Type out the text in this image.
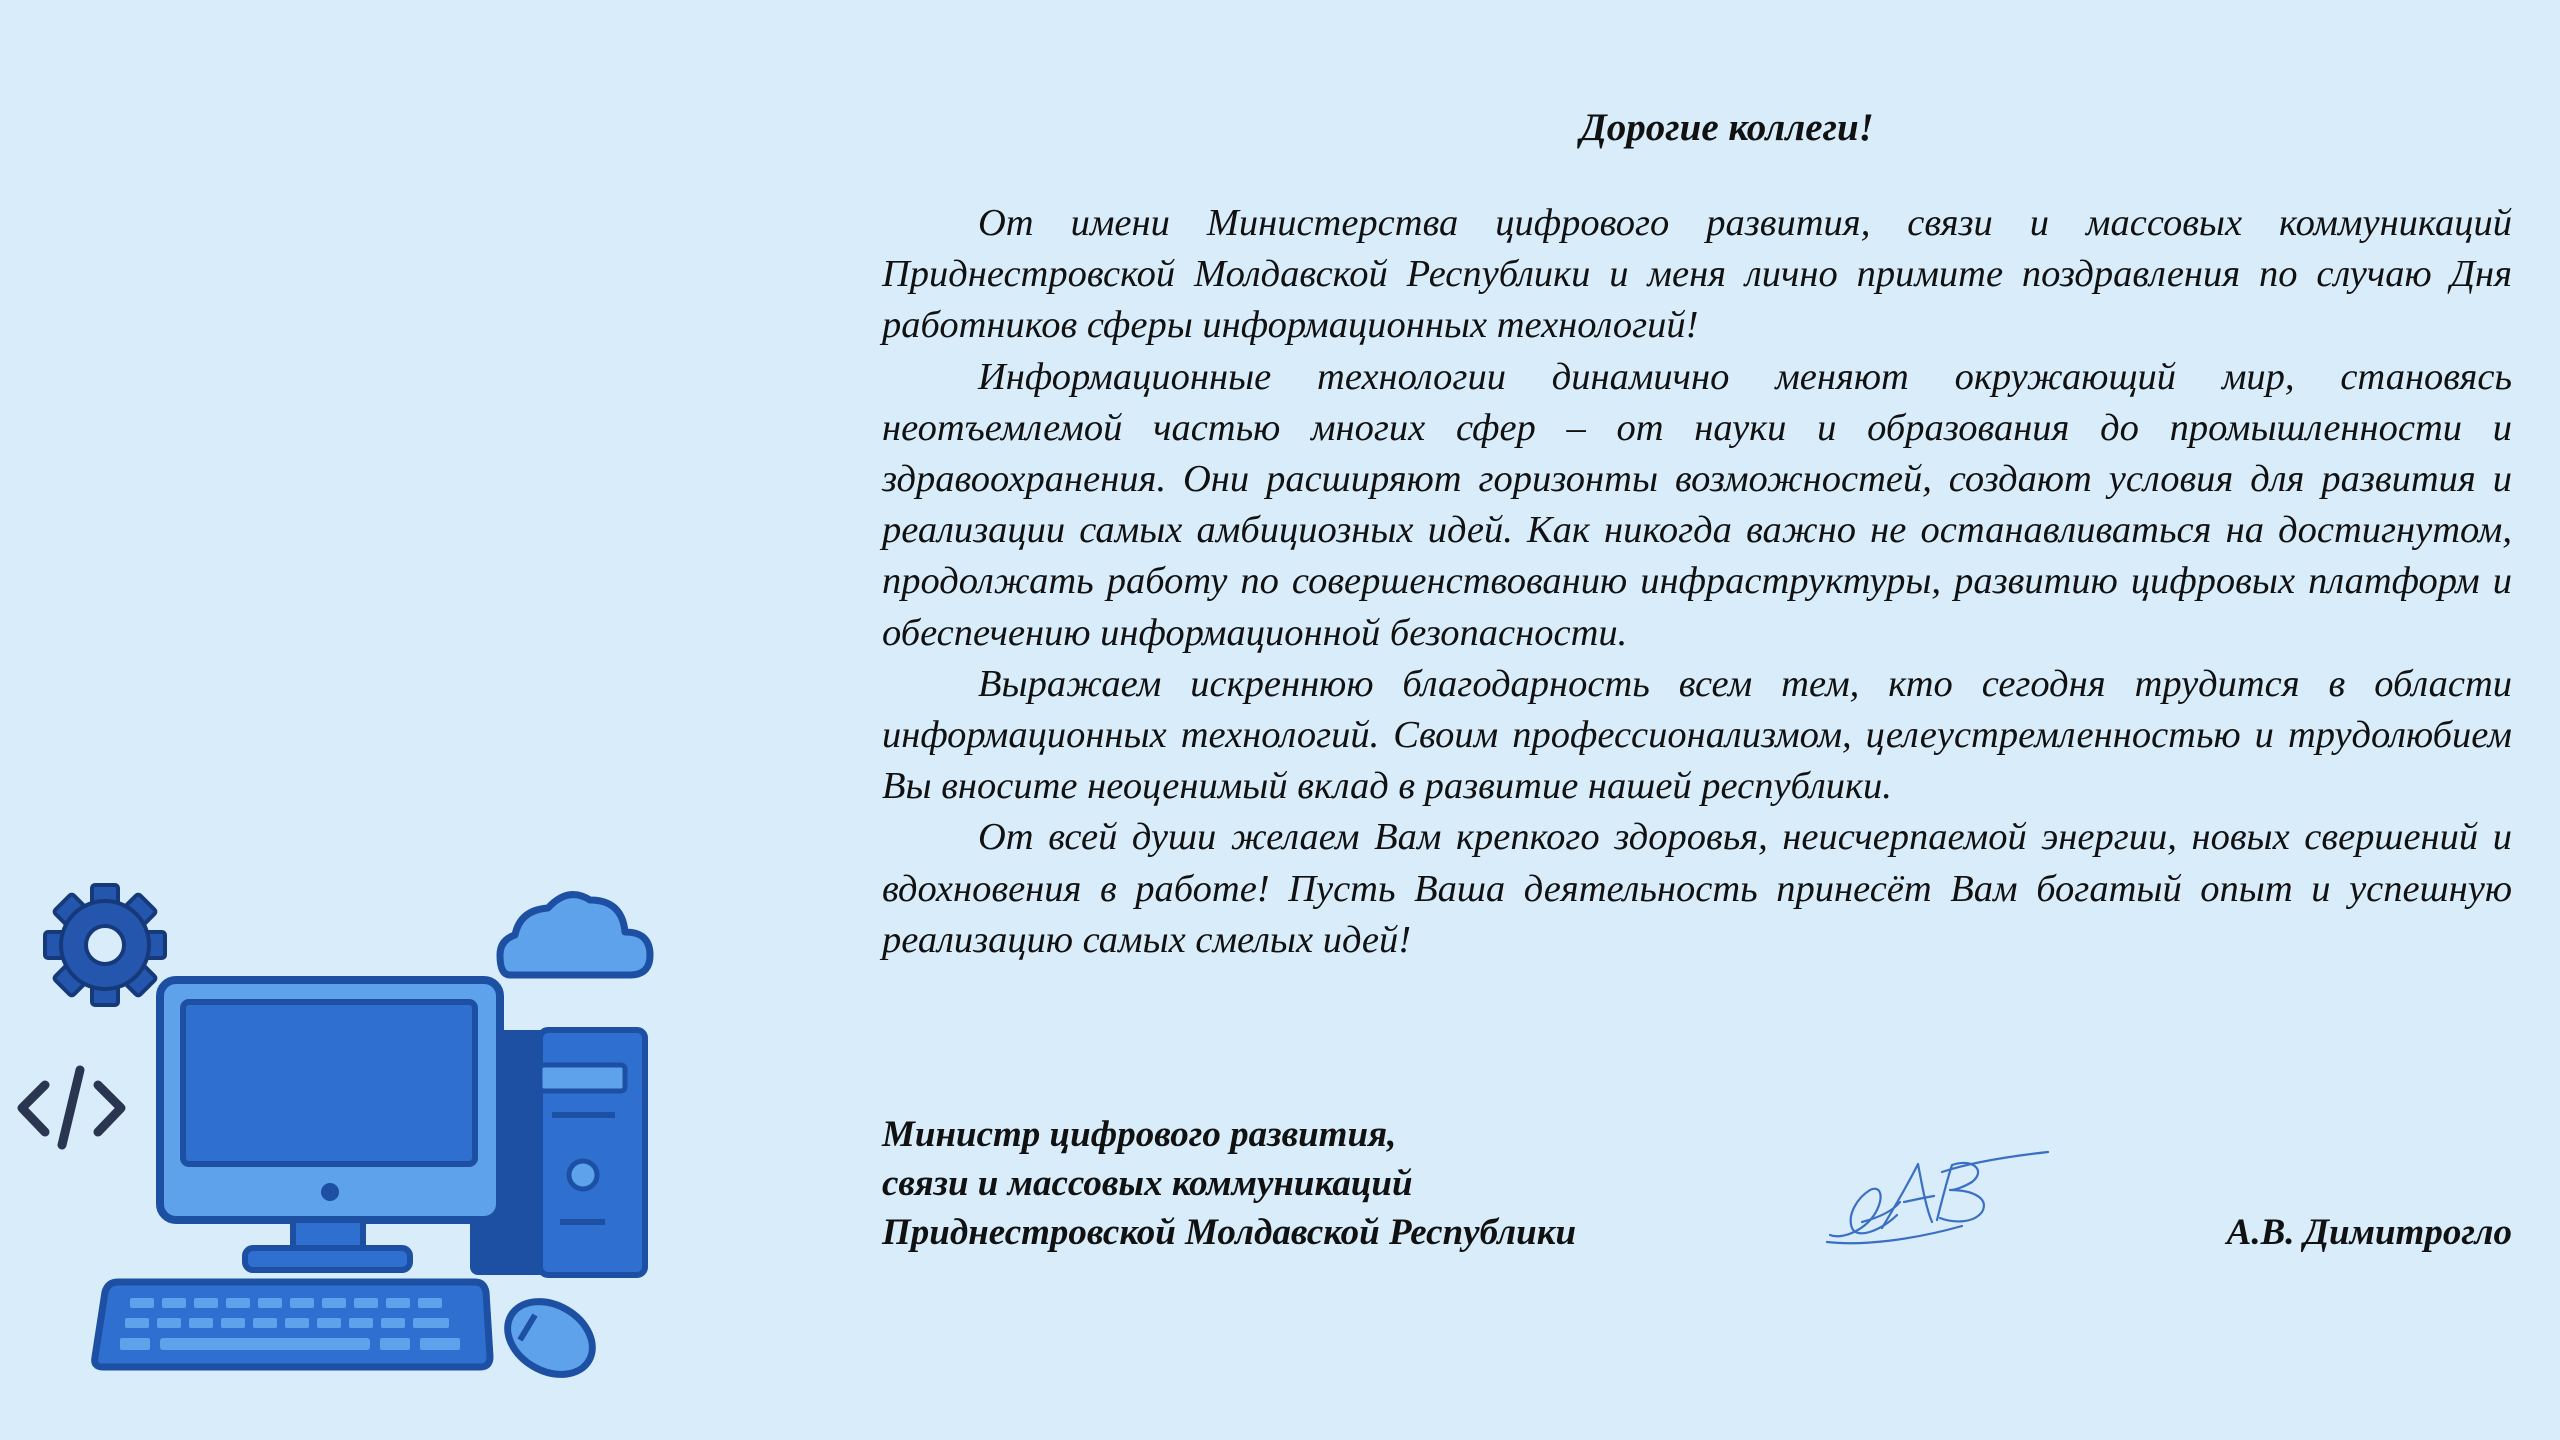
Дорогие коллеги!

От имени Министерства цифрового развития, связи и массовых коммуникаций Приднестровской Молдавской Республики и меня лично примите поздравления по случаю Дня работников сферы информационных технологий!

Информационные технологии динамично меняют окружающий мир, становясь неотъемлемой частью многих сфер – от науки и образования до промышленности и здравоохранения. Они расширяют горизонты возможностей, создают условия для развития и реализации самых амбициозных идей. Как никогда важно не останавливаться на достигнутом, продолжать работу по совершенствованию инфраструктуры, развитию цифровых платформ и обеспечению информационной безопасности.

Выражаем искреннюю благодарность всем тем, кто сегодня трудится в области информационных технологий. Своим профессионализмом, целеустремленностью и трудолюбием Вы вносите неоценимый вклад в развитие нашей республики.

От всей души желаем Вам крепкого здоровья, неисчерпаемой энергии, новых свершений и вдохновения в работе! Пусть Ваша деятельность принесёт Вам богатый опыт и успешную реализацию самых смелых идей!

Министр цифрового развития,
связи и массовых коммуникаций
Приднестровской Молдавской Республики	А.В. Димитрогло
